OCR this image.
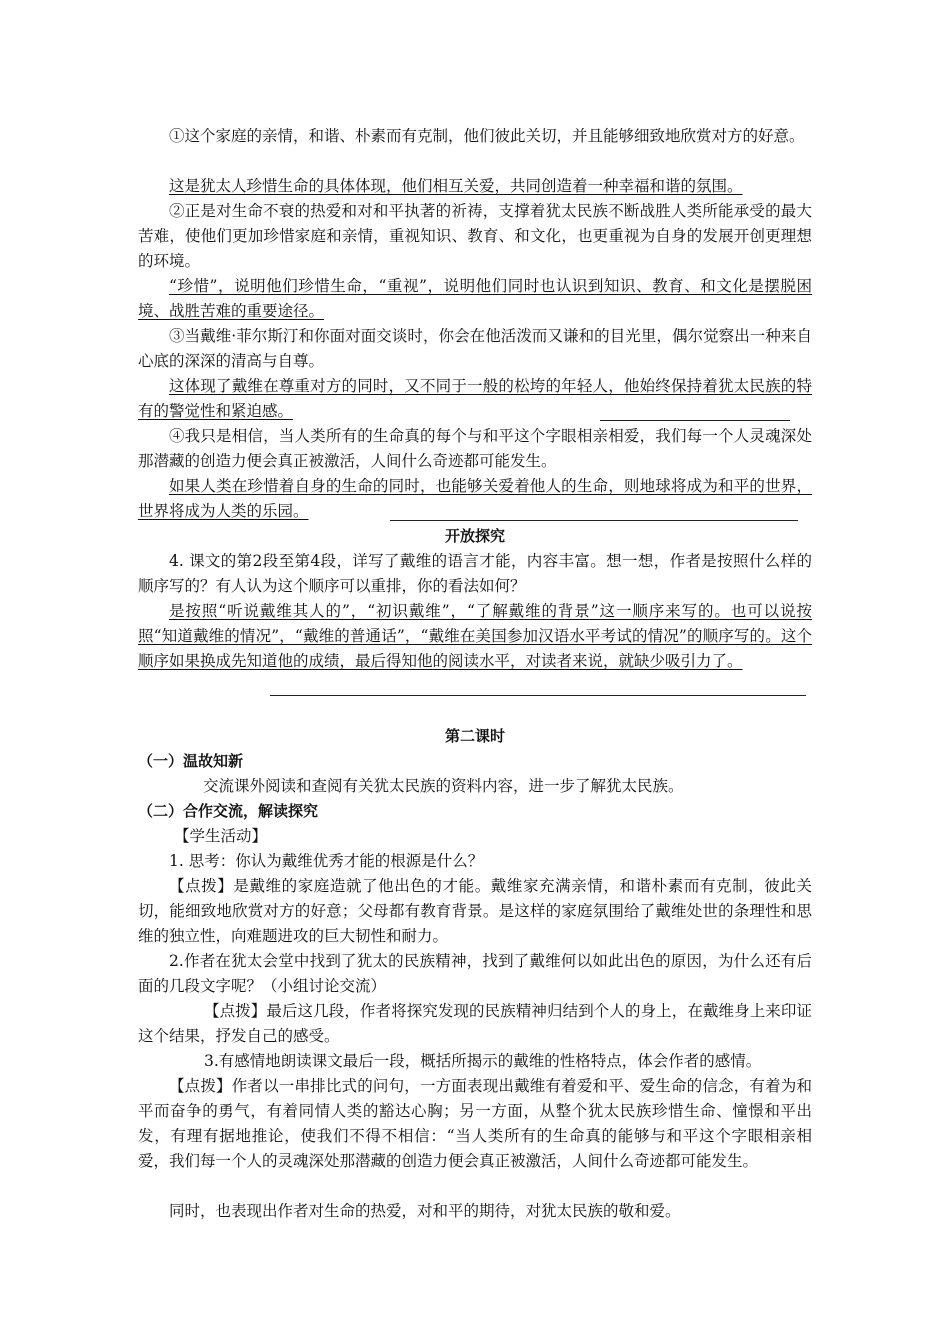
①这个家庭的亲情，和谐、朴素而有克制，他们彼此关切，并且能够细致地欣赏对方的好意。

这是犹太人珍惜生命的具体体现，他们相互关爱，共同创造着一种幸福和谐的氛围。

②正是对生命不衰的热爱和对和平执著的祈祷，支撑着犹太民族不断战胜人类所能承受的最大苦难，使他们更加珍惜家庭和亲情，重视知识、教育、和文化，也更重视为自身的发展开创更理想的环境。

“珍惜”，说明他们珍惜生命，“重视”，说明他们同时也认识到知识、教育、和文化是摆脱困境、战胜苦难的重要途径。

③当戴维·菲尔斯汀和你面对面交谈时，你会在他活泼而又谦和的目光里，偶尔觉察出一种来自心底的深深的清高与自尊。

这体现了戴维在尊重对方的同时，又不同于一般的松垮的年轻人，他始终保持着犹太民族的特有的警觉性和紧迫感。

④我只是相信，当人类所有的生命真的每个与和平这个字眼相亲相爱，我们每一个人灵魂深处那潜藏的创造力便会真正被激活，人间什么奇迹都可能发生。

如果人类在珍惜着自身的生命的同时，也能够关爱着他人的生命，则地球将成为和平的世界，世界将成为人类的乐园。

开放探究

4. 课文的第2段至第4段，详写了戴维的语言才能，内容丰富。想一想，作者是按照什么样的顺序写的？有人认为这个顺序可以重排，你的看法如何？

是按照“听说戴维其人的”，“初识戴维”，“了解戴维的背景”这一顺序来写的。也可以说按照“知道戴维的情况”，“戴维的普通话”，“戴维在美国参加汉语水平考试的情况”的顺序写的。这个顺序如果换成先知道他的成绩，最后得知他的阅读水平，对读者来说，就缺少吸引力了。

第二课时

（一）温故知新

交流课外阅读和查阅有关犹太民族的资料内容，进一步了解犹太民族。

（二）合作交流，解读探究

【学生活动】

1. 思考：你认为戴维优秀才能的根源是什么？

【点拨】是戴维的家庭造就了他出色的才能。戴维家充满亲情，和谐朴素而有克制，彼此关切，能细致地欣赏对方的好意；父母都有教育背景。是这样的家庭氛围给了戴维处世的条理性和思维的独立性，向难题进攻的巨大韧性和耐力。

2.作者在犹太会堂中找到了犹太的民族精神，找到了戴维何以如此出色的原因，为什么还有后面的几段文字呢？（小组讨论交流）

【点拨】最后这几段，作者将探究发现的民族精神归结到个人的身上，在戴维身上来印证这个结果，抒发自己的感受。

3.有感情地朗读课文最后一段，概括所揭示的戴维的性格特点，体会作者的感情。

【点拨】作者以一串排比式的问句，一方面表现出戴维有着爱和平、爱生命的信念，有着为和平而奋争的勇气，有着同情人类的豁达心胸；另一方面，从整个犹太民族珍惜生命、憧憬和平出发，有理有据地推论，使我们不得不相信：“当人类所有的生命真的能够与和平这个字眼相亲相爱，我们每一个人的灵魂深处那潜藏的创造力便会真正被激活，人间什么奇迹都可能发生。

同时，也表现出作者对生命的热爱，对和平的期待，对犹太民族的敬和爱。
